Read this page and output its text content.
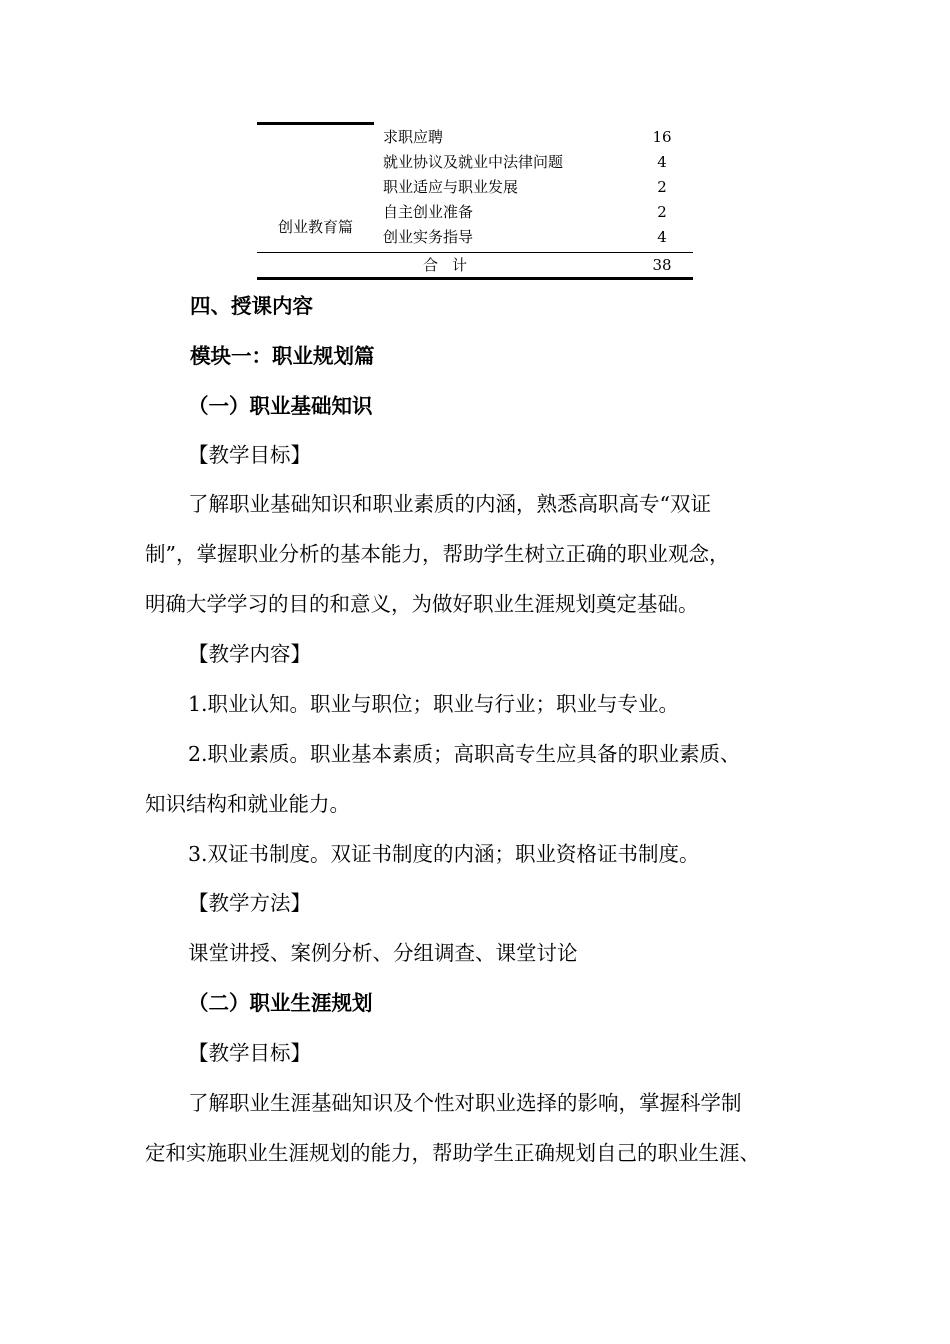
创业教育篇
求职应聘	16
就业协议及就业中法律问题	4
职业适应与职业发展	2
自主创业准备	2
创业实务指导	4
合计	38
四、授课内容
模块一：职业规划篇
（一）职业基础知识
【教学目标】
了解职业基础知识和职业素质的内涵，熟悉高职高专“双证
制”，掌握职业分析的基本能力，帮助学生树立正确的职业观念，
明确大学学习的目的和意义，为做好职业生涯规划奠定基础。
【教学内容】
1.职业认知。职业与职位；职业与行业；职业与专业。
2.职业素质。职业基本素质；高职高专生应具备的职业素质、
知识结构和就业能力。
3.双证书制度。双证书制度的内涵；职业资格证书制度。
【教学方法】
课堂讲授、案例分析、分组调查、课堂讨论
（二）职业生涯规划
【教学目标】
了解职业生涯基础知识及个性对职业选择的影响，掌握科学制
定和实施职业生涯规划的能力，帮助学生正确规划自己的职业生涯、
